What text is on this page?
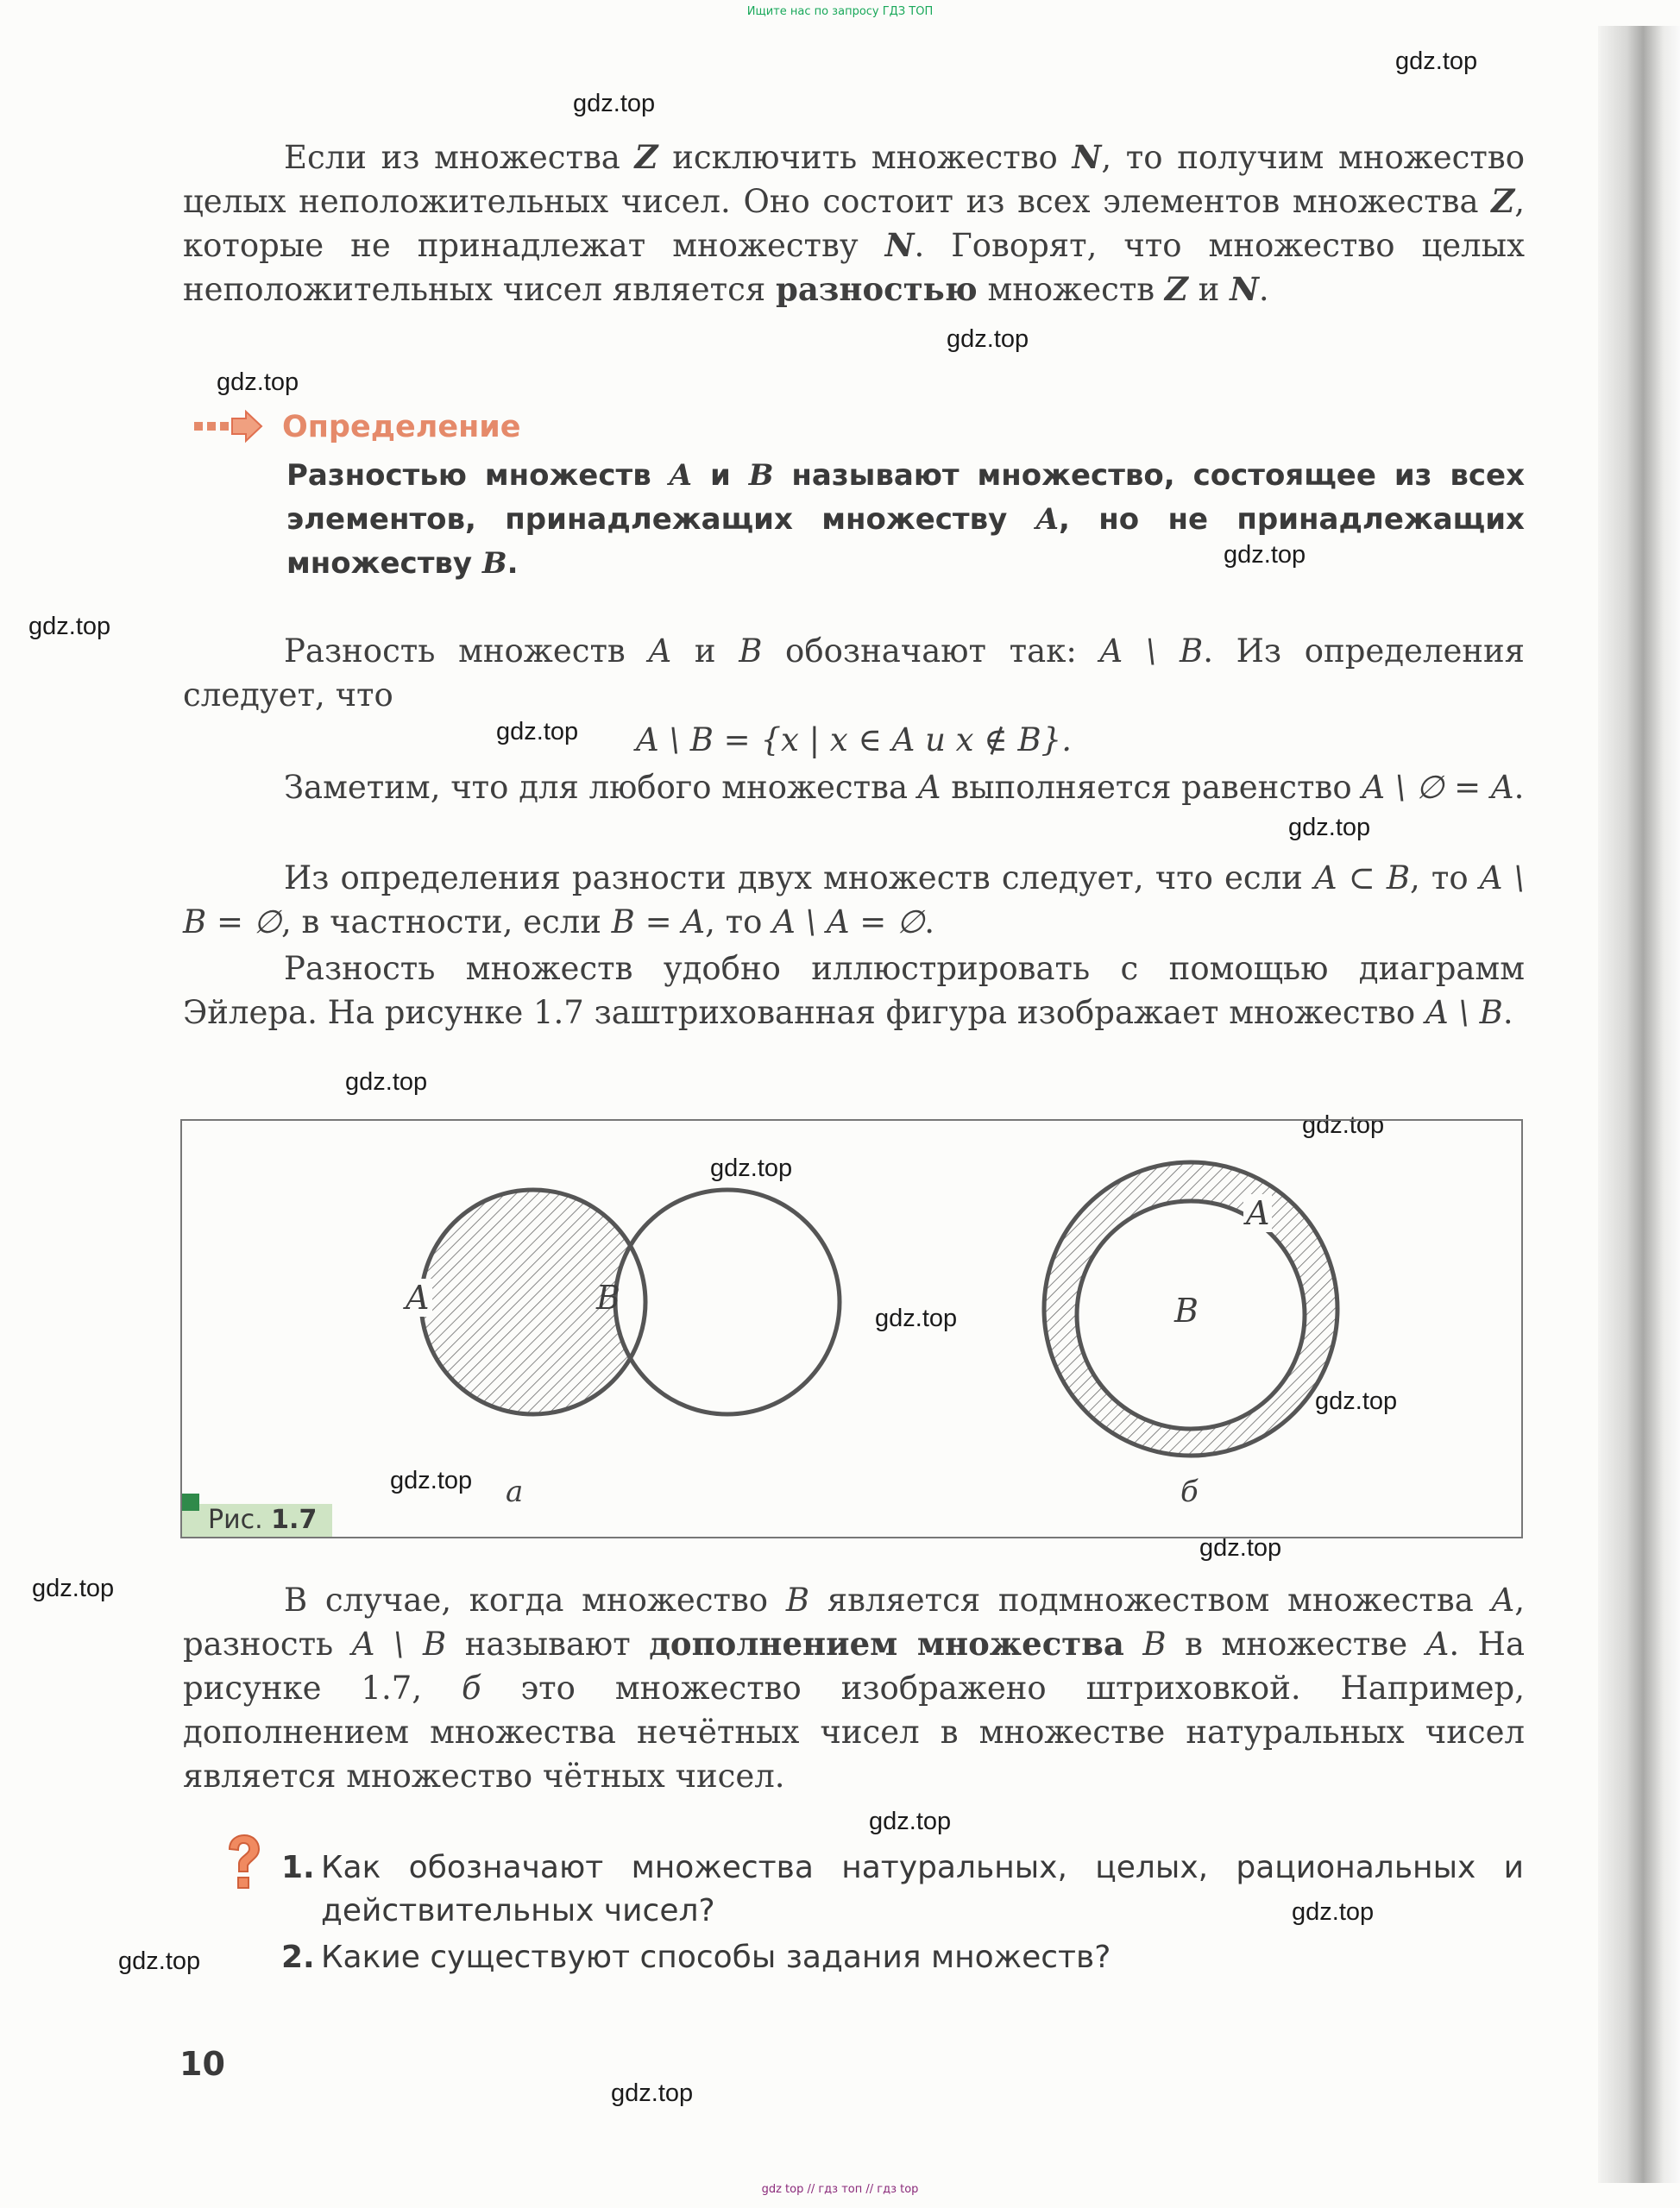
Ищите нас по запросу ГДЗ ТОП
gdz.top
gdz.top
gdz.top
gdz.top
gdz.top
gdz.top
gdz.top
gdz.top
gdz.top
gdz.top
gdz.top
gdz.top
gdz.top
gdz.top
gdz.top
gdz.top
gdz.top
gdz.top
gdz.top
gdz.top
Если из множества Z исключить множество N, то получим множество целых неположительных чисел. Оно состоит из всех элементов множества Z, которые не принадлежат множеству N. Говорят, что множество целых неположительных чисел является разностью множеств Z и N.
Определение
Разностью множеств A и B называют множество, состоящее из всех элементов, принадлежащих множеству A, но не принадлежащих множеству B.
Разность множеств A и B обозначают так: A \ B. Из определения следует, что
A \ B = {x | x ∈ A и x ∉ B}.
Заметим, что для любого множества A выполняется равенство A \ ∅ = A.
Из определения разности двух множеств следует, что если A ⊂ B, то A \ B = ∅, в частности, если B = A, то A \ A = ∅.
Разность множеств удобно иллюстрировать с помощью диаграмм Эйлера. На рисунке 1.7 заштрихованная фигура изображает множество A \ B.
A	B
A
B
а	б
Рис. 1.7
В случае, когда множество B является подмножеством множества A, разность A \ B называют дополнением множества B в множестве A. На рисунке 1.7, б это множество изображено штриховкой. Например, дополнением множества нечётных чисел в множестве натуральных чисел является множество чётных чисел.
1. Как обозначают множества натуральных, целых, рациональных и действительных чисел?
2. Какие существуют способы задания множеств?
10
gdz top // гдз топ // гдз top
